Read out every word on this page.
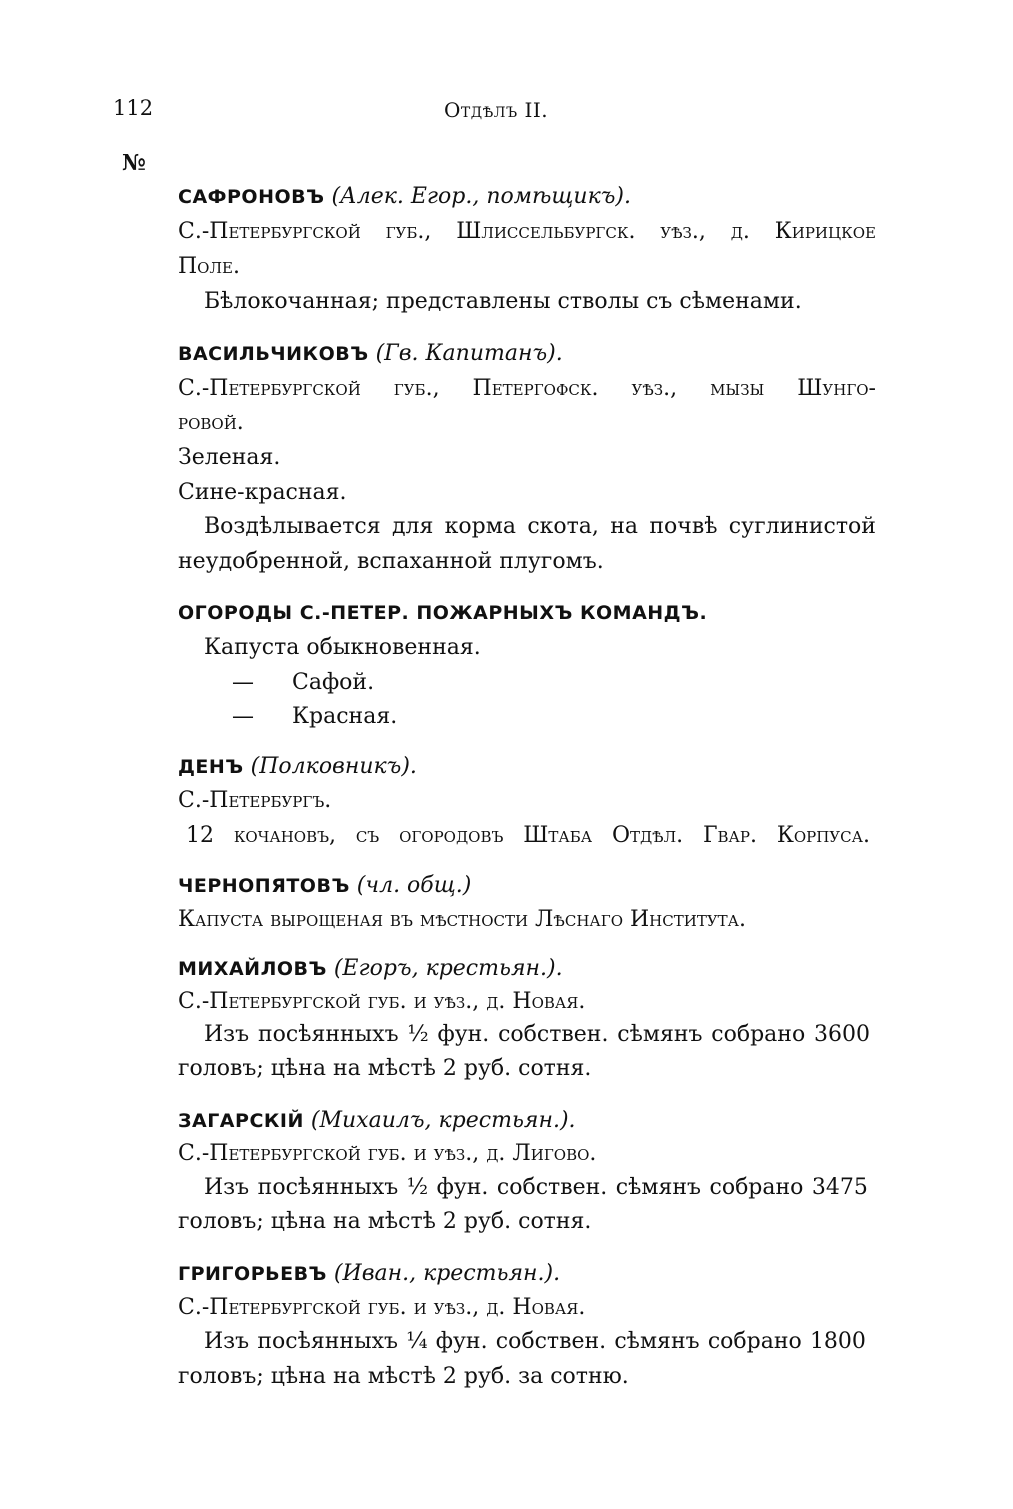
112	Отдѣлъ II.
№
САФРОНОВЪ (Алек. Егор., помѣщикъ).
С.-Петербургской губ., Шлиссельбургск. уѣз., д. Кирицкое
Поле.
Бѣлокочанная; представлены стволы съ сѣменами.
ВАСИЛЬЧИКОВЪ (Гв. Капитанъ).
С.-Петербургской губ., Петергофск. уѣз., мызы Шунго-
ровой.
Зеленая.
Сине-красная.
Воздѣлывается для корма скота, на почвѣ суглинистой
неудобренной, вспаханной плугомъ.
ОГОРОДЫ С.-ПЕТЕР. ПОЖАРНЫХЪ КОМАНДЪ.
Капуста обыкновенная.
— Сафой.
— Красная.
ДЕНЪ (Полковникъ).
С.-Петербургъ.
12 кочановъ, съ огородовъ Штаба Отдѣл. Гвар. Корпуса.
ЧЕРНОПЯТОВЪ (чл. общ.)
Капуста вырощеная въ мѣстности Лѣснаго Института.
МИХАЙЛОВЪ (Егоръ, крестьян.).
С.-Петербургской губ. и уѣз., д. Новая.
Изъ посѣянныхъ ½ фун. собствен. сѣмянъ собрано 3600
головъ; цѣна на мѣстѣ 2 руб. сотня.
ЗАГАРСКІЙ (Михаилъ, крестьян.).
С.-Петербургской губ. и уѣз., д. Лигово.
Изъ посѣянныхъ ½ фун. собствен. сѣмянъ собрано 3475
головъ; цѣна на мѣстѣ 2 руб. сотня.
ГРИГОРЬЕВЪ (Иван., крестьян.).
С.-Петербургской губ. и уѣз., д. Новая.
Изъ посѣянныхъ ¼ фун. собствен. сѣмянъ собрано 1800
головъ; цѣна на мѣстѣ 2 руб. за сотню.
